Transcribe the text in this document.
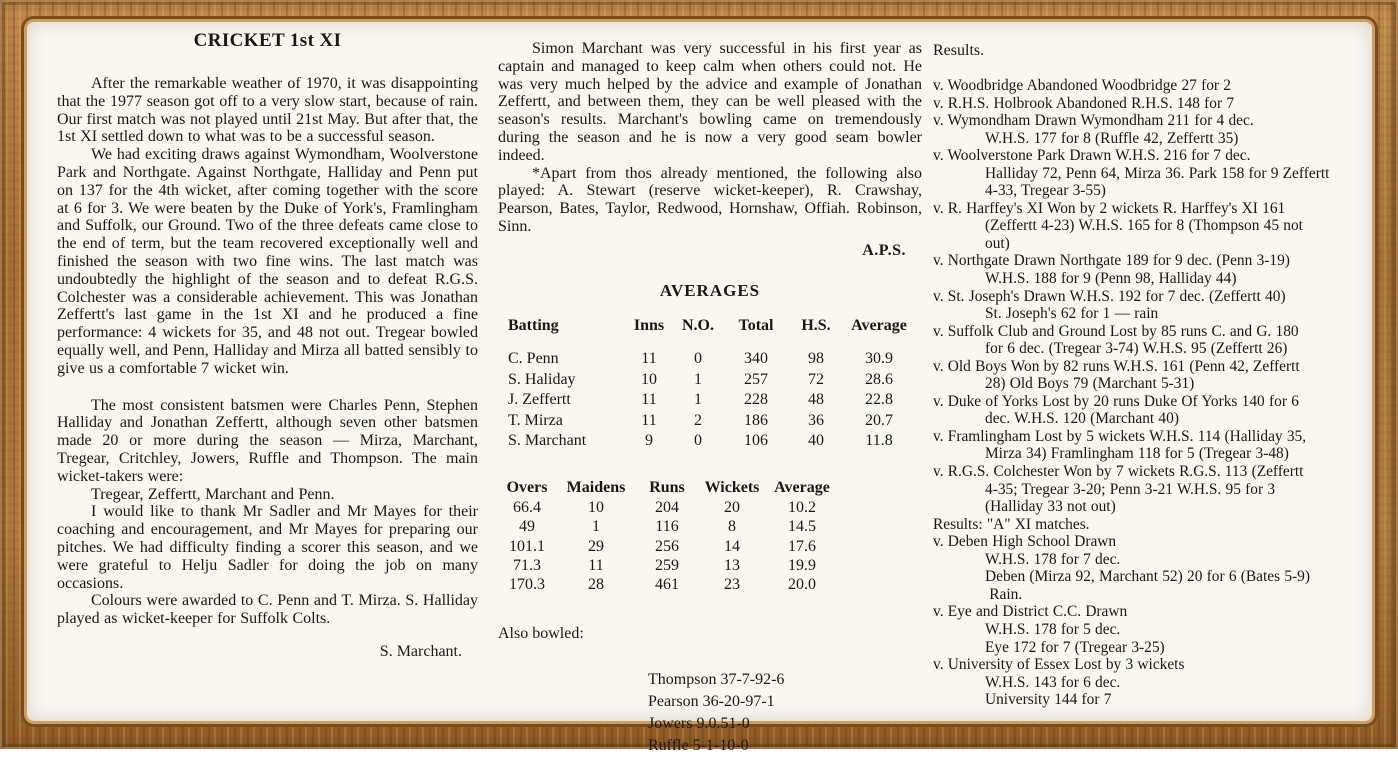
CRICKET 1st XI

After the remarkable weather of 1970, it was disappointing that the 1977 season got off to a very slow start, because of rain. Our first match was not played until 21st May. But after that, the 1st XI settled down to what was to be a successful season.

We had exciting draws against Wymondham, Woolverstone Park and Northgate. Against Northgate, Halliday and Penn put on 137 for the 4th wicket, after coming together with the score at 6 for 3. We were beaten by the Duke of York's, Framlingham and Suffolk, our Ground. Two of the three defeats came close to the end of term, but the team recovered exceptionally well and finished the season with two fine wins. The last match was undoubtedly the highlight of the season and to defeat R.G.S. Colchester was a considerable achievement. This was Jonathan Zeffertt's last game in the 1st XI and he produced a fine performance: 4 wickets for 35, and 48 not out. Tregear bowled equally well, and Penn, Halliday and Mirza all batted sensibly to give us a comfortable 7 wicket win.

The most consistent batsmen were Charles Penn, Stephen Halliday and Jonathan Zeffertt, although seven other batsmen made 20 or more during the season — Mirza, Marchant, Tregear, Critchley, Jowers, Ruffle and Thompson. The main wicket-takers were:

Tregear, Zeffertt, Marchant and Penn.

I would like to thank Mr Sadler and Mr Mayes for their coaching and encouragement, and Mr Mayes for preparing our pitches. We had difficulty finding a scorer this season, and we were grateful to Helju Sadler for doing the job on many occasions.

Colours were awarded to C. Penn and T. Mirza. S. Halliday played as wicket-keeper for Suffolk Colts.

S. Marchant.

Simon Marchant was very successful in his first year as captain and managed to keep calm when others could not. He was very much helped by the advice and example of Jonathan Zeffertt, and between them, they can be well pleased with the season's results. Marchant's bowling came on tremendously during the season and he is now a very good seam bowler indeed.

*Apart from thos already mentioned, the following also played: A. Stewart (reserve wicket-keeper), R. Crawshay, Pearson, Bates, Taylor, Redwood, Hornshaw, Offiah. Robinson, Sinn.

A.P.S.
AVERAGES
Batting	Inns	N.O.	Total	H.S.	Average
C. Penn	11	0	340	98	30.9
S. Haliday	10	1	257	72	28.6
J. Zeffertt	11	1	228	48	22.8
T. Mirza	11	2	186	36	20.7
S. Marchant	9	0	106	40	11.8
Overs	Maidens	Runs	Wickets	Average
66.4	10	204	20	10.2
49	1	116	8	14.5
101.1	29	256	14	17.6
71.3	11	259	13	19.9
170.3	28	461	23	20.0
Also bowled:
Thompson 37-7-92-6
Pearson 36-20-97-1
Jowers 9.0.51-0
Ruffle 5-1-10-0
Results.
v. Woodbridge Abandoned Woodbridge 27 for 2
v. R.H.S. Holbrook Abandoned R.H.S. 148 for 7
v. Wymondham Drawn Wymondham 211 for 4 dec.
W.H.S. 177 for 8 (Ruffle 42, Zeffertt 35)
v. Woolverstone Park Drawn W.H.S. 216 for 7 dec.
Halliday 72, Penn 64, Mirza 36. Park 158 for 9 Zeffertt
4-33, Tregear 3-55)
v. R. Harffey's XI Won by 2 wickets R. Harffey's XI 161
(Zeffertt 4-23) W.H.S. 165 for 8 (Thompson 45 not
out)
v. Northgate Drawn Northgate 189 for 9 dec. (Penn 3-19)
W.H.S. 188 for 9 (Penn 98, Halliday 44)
v. St. Joseph's Drawn W.H.S. 192 for 7 dec. (Zeffertt 40)
St. Joseph's 62 for 1 — rain
v. Suffolk Club and Ground Lost by 85 runs C. and G. 180
for 6 dec. (Tregear 3-74) W.H.S. 95 (Zeffertt 26)
v. Old Boys Won by 82 runs W.H.S. 161 (Penn 42, Zeffertt
28) Old Boys 79 (Marchant 5-31)
v. Duke of Yorks Lost by 20 runs Duke Of Yorks 140 for 6
dec. W.H.S. 120 (Marchant 40)
v. Framlingham Lost by 5 wickets W.H.S. 114 (Halliday 35,
Mirza 34) Framlingham 118 for 5 (Tregear 3-48)
v. R.G.S. Colchester Won by 7 wickets R.G.S. 113 (Zeffertt
4-35; Tregear 3-20; Penn 3-21 W.H.S. 95 for 3
(Halliday 33 not out)
Results: "A" XI matches.
v. Deben High School Drawn
W.H.S. 178 for 7 dec.
Deben (Mirza 92, Marchant 52) 20 for 6 (Bates 5-9)
Rain.
v. Eye and District C.C. Drawn
W.H.S. 178 for 5 dec.
Eye 172 for 7 (Tregear 3-25)
v. University of Essex Lost by 3 wickets
W.H.S. 143 for 6 dec.
University 144 for 7
